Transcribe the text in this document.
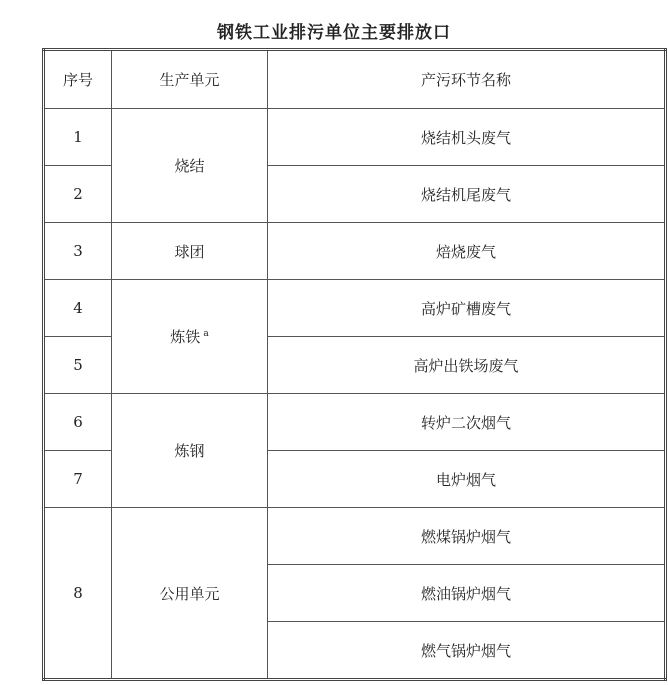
钢铁工业排污单位主要排放口
序号	生产单元	产污环节名称
1	烧结	烧结机头废气
2		烧结机尾废气
3	球团	焙烧废气
4	炼铁 $^a$	高炉矿槽废气
5		高炉出铁场废气
6	炼钢	转炉二次烟气
7		电炉烟气
8	公用单元	燃煤锅炉烟气
		燃油锅炉烟气
		燃气锅炉烟气
